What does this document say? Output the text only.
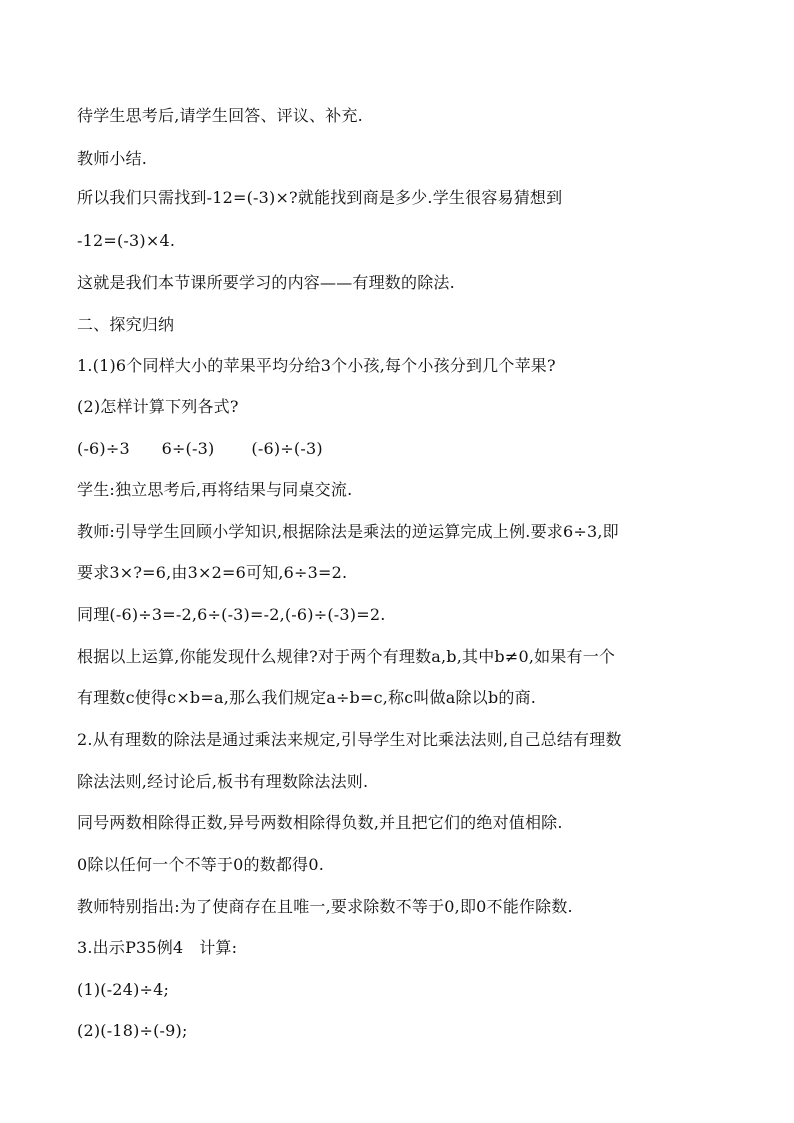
待学生思考后,请学生回答、评议、补充.
教师小结.
所以我们只需找到-12=(-3)×?就能找到商是多少.学生很容易猜想到
-12=(-3)×4.
这就是我们本节课所要学习的内容——有理数的除法.
二、探究归纳
1.(1)6个同样大小的苹果平均分给3个小孩,每个小孩分到几个苹果?
(2)怎样计算下列各式?
(-6)÷3      6÷(-3)       (-6)÷(-3)
学生:独立思考后,再将结果与同桌交流.
教师:引导学生回顾小学知识,根据除法是乘法的逆运算完成上例.要求6÷3,即
要求3×?=6,由3×2=6可知,6÷3=2.
同理(-6)÷3=-2,6÷(-3)=-2,(-6)÷(-3)=2.
根据以上运算,你能发现什么规律?对于两个有理数a,b,其中b≠0,如果有一个
有理数c使得c×b=a,那么我们规定a÷b=c,称c叫做a除以b的商.
2.从有理数的除法是通过乘法来规定,引导学生对比乘法法则,自己总结有理数
除法法则,经讨论后,板书有理数除法法则.
同号两数相除得正数,异号两数相除得负数,并且把它们的绝对值相除.
0除以任何一个不等于0的数都得0.
教师特别指出:为了使商存在且唯一,要求除数不等于0,即0不能作除数.
3.出示P35例4   计算:
(1)(-24)÷4;
(2)(-18)÷(-9);
